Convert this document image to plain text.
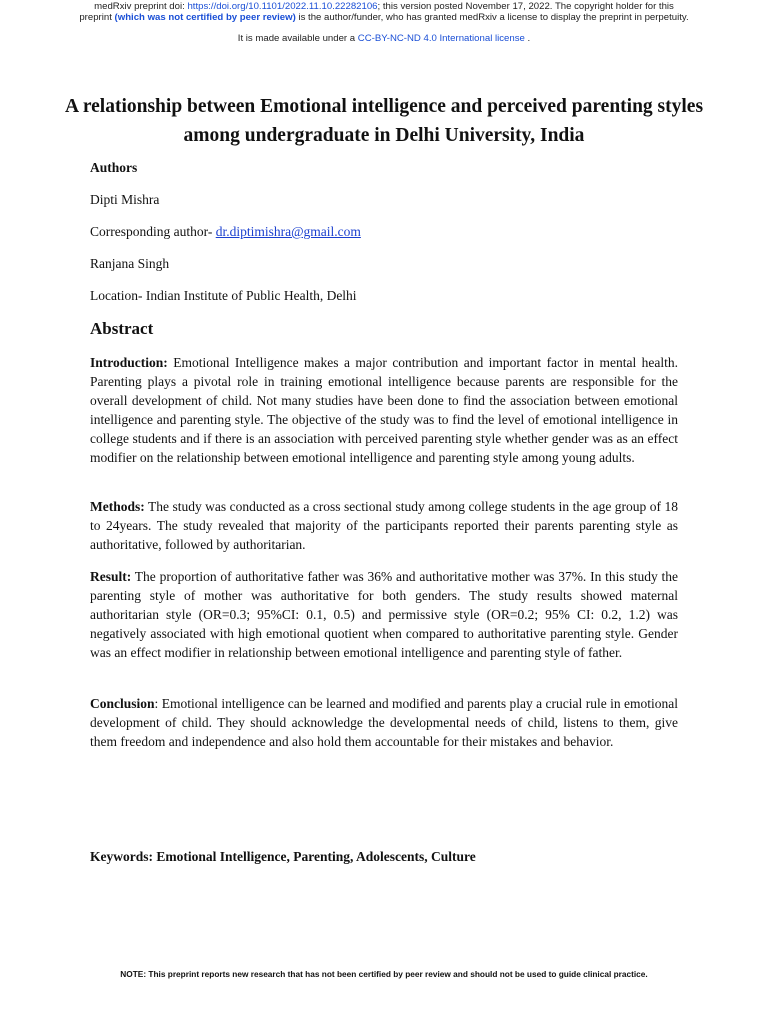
medRxiv preprint doi: https://doi.org/10.1101/2022.11.10.22282106; this version posted November 17, 2022. The copyright holder for this
preprint (which was not certified by peer review) is the author/funder, who has granted medRxiv a license to display the preprint in perpetuity.
It is made available under a CC-BY-NC-ND 4.0 International license .
A relationship between Emotional intelligence and perceived parenting styles among undergraduate in Delhi University, India
Authors
Dipti Mishra
Corresponding author- dr.diptimishra@gmail.com
Ranjana Singh
Location- Indian Institute of Public Health, Delhi
Abstract

Introduction: Emotional Intelligence makes a major contribution and important factor in mental health. Parenting plays a pivotal role in training emotional intelligence because parents are responsible for the overall development of child. Not many studies have been done to find the association between emotional intelligence and parenting style. The objective of the study was to find the level of emotional intelligence in college students and if there is an association with perceived parenting style whether gender was as an effect modifier on the relationship between emotional intelligence and parenting style among young adults.

Methods: The study was conducted as a cross sectional study among college students in the age group of 18 to 24years. The study revealed that majority of the participants reported their parents parenting style as authoritative, followed by authoritarian.

Result: The proportion of authoritative father was 36% and authoritative mother was 37%. In this study the parenting style of mother was authoritative for both genders. The study results showed maternal authoritarian style (OR=0.3; 95%CI: 0.1, 0.5) and permissive style (OR=0.2; 95% CI: 0.2, 1.2) was negatively associated with high emotional quotient when compared to authoritative parenting style. Gender was an effect modifier in relationship between emotional intelligence and parenting style of father.

Conclusion: Emotional intelligence can be learned and modified and parents play a crucial rule in emotional development of child. They should acknowledge the developmental needs of child, listens to them, give them freedom and independence and also hold them accountable for their mistakes and behavior.

Keywords: Emotional Intelligence, Parenting, Adolescents, Culture
NOTE: This preprint reports new research that has not been certified by peer review and should not be used to guide clinical practice.
